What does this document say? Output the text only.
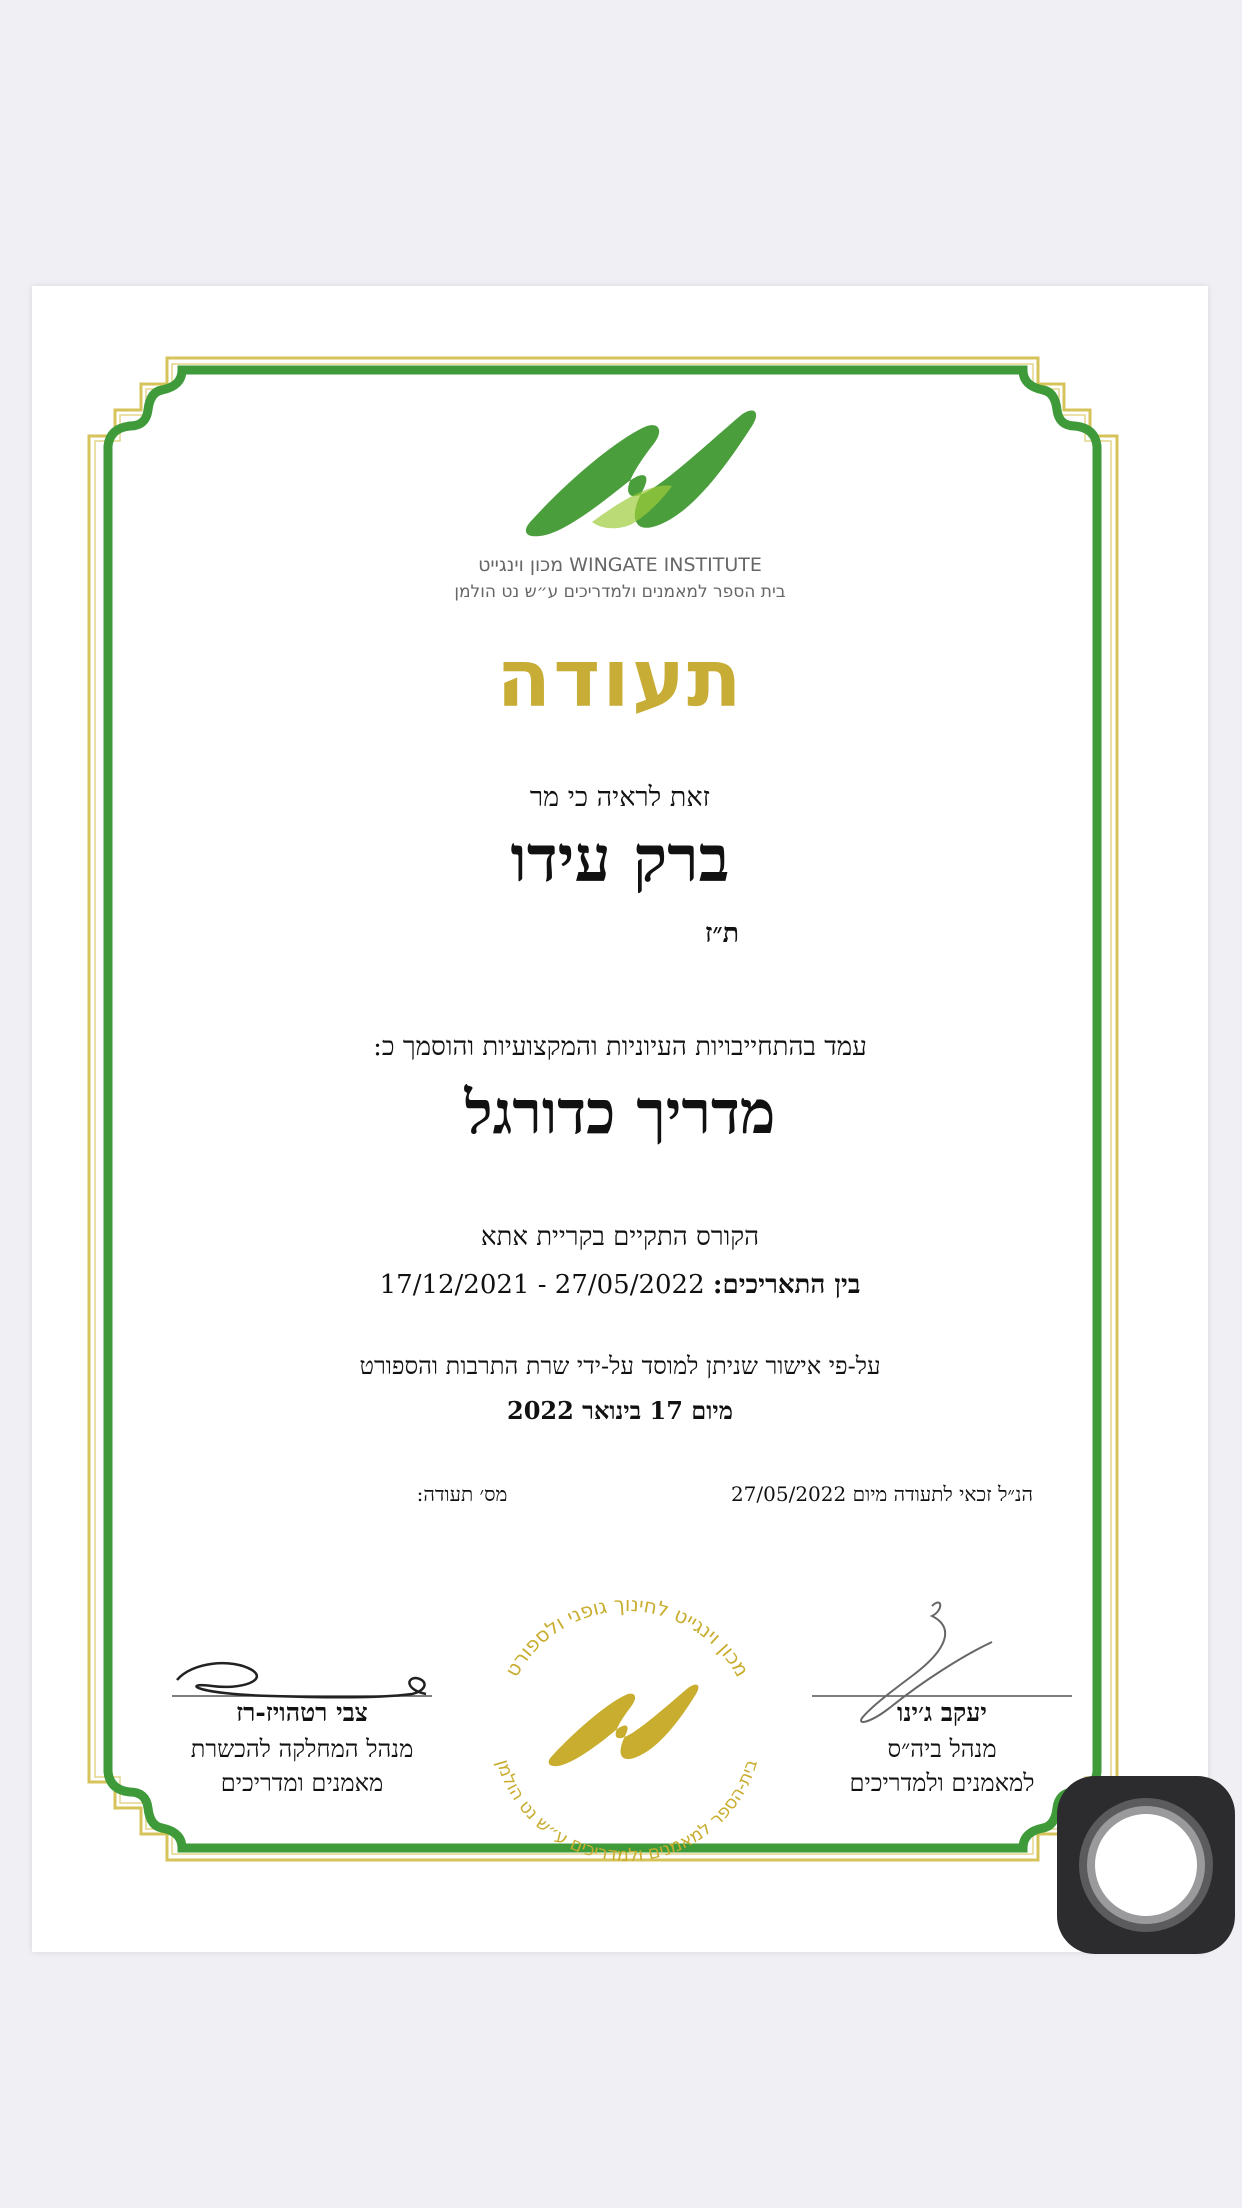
מכון וינגייט לחינוך גופני ולספורט
בית-הספר למאמנים ולמדריכים ע״ש נט הולמן
מכון וינגייט WINGATE INSTITUTE
בית הספר למאמנים ולמדריכים ע״ש נט הולמן
תעודה
זאת לראיה כי מר
ברק עידו
ת״ז
עמד בהתחייבויות העיוניות והמקצועיות והוסמך כ:
מדריך כדורגל
הקורס התקיים בקריית אתא
בין התאריכים: 17/12/2021 - 27/05/2022
על-פי אישור שניתן למוסד על-ידי שרת התרבות והספורט
מיום 17 בינואר 2022
הנ״ל זכאי לתעודה מיום 27/05/2022
מס׳ תעודה:
יעקב ג׳ינו
מנהל ביה״ס
למאמנים ולמדריכים
צבי רטהויז-רז
מנהל המחלקה להכשרת
מאמנים ומדריכים
